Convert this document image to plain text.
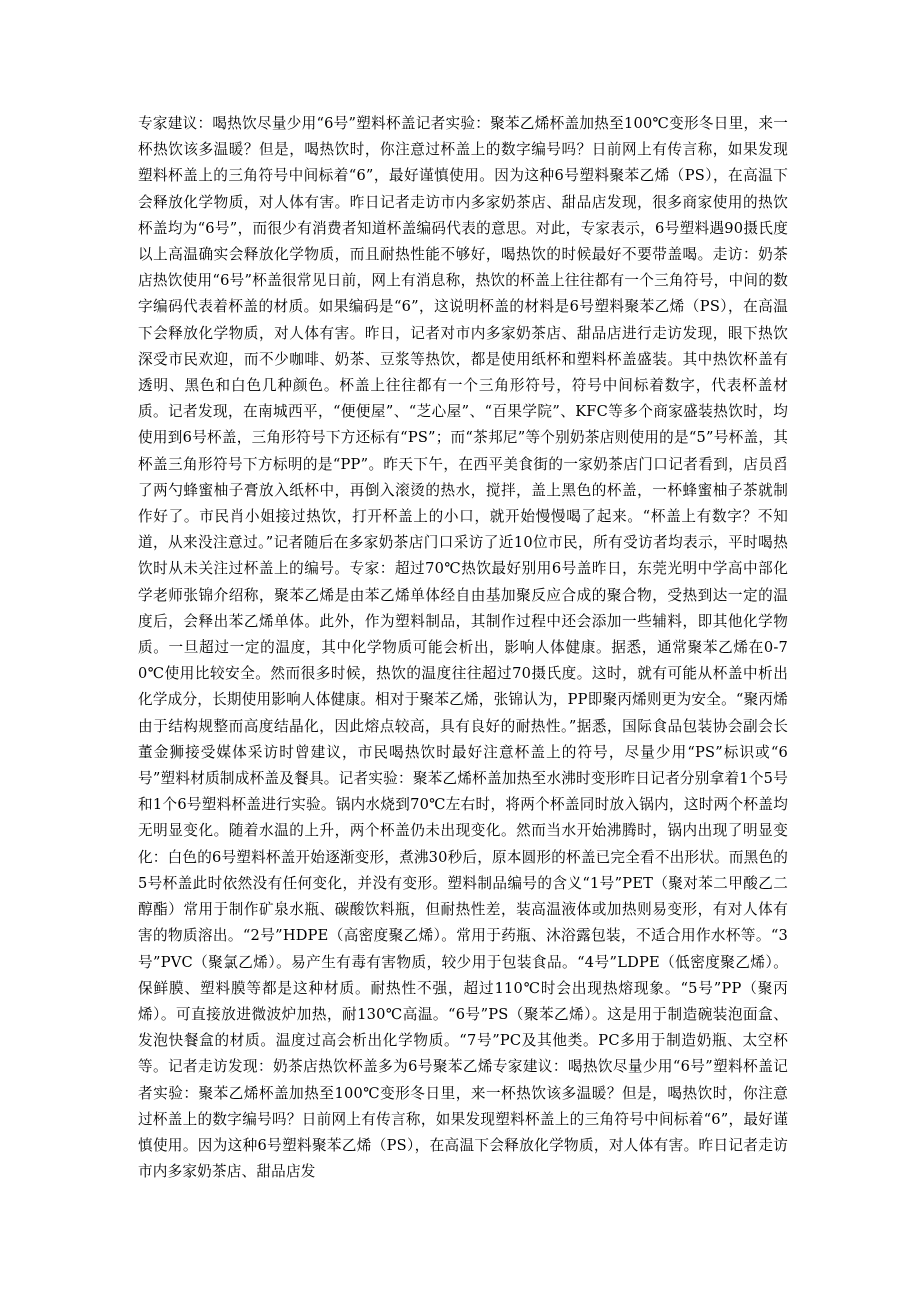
专家建议：喝热饮尽量少用“6号”塑料杯盖记者实验：聚苯乙烯杯盖加热至100℃变形冬日里，来一杯热饮该多温暖？但是，喝热饮时，你注意过杯盖上的数字编号吗？日前网上有传言称，如果发现塑料杯盖上的三角符号中间标着“6”，最好谨慎使用。因为这种6号塑料聚苯乙烯（PS），在高温下会释放化学物质，对人体有害。昨日记者走访市内多家奶茶店、甜品店发现，很多商家使用的热饮杯盖均为“6号”，而很少有消费者知道杯盖编码代表的意思。对此，专家表示，6号塑料遇90摄氏度以上高温确实会释放化学物质，而且耐热性能不够好，喝热饮的时候最好不要带盖喝。走访：奶茶店热饮使用“6号”杯盖很常见日前，网上有消息称，热饮的杯盖上往往都有一个三角符号，中间的数字编码代表着杯盖的材质。如果编码是“6”，这说明杯盖的材料是6号塑料聚苯乙烯（PS），在高温下会释放化学物质，对人体有害。昨日，记者对市内多家奶茶店、甜品店进行走访发现，眼下热饮深受市民欢迎，而不少咖啡、奶茶、豆浆等热饮，都是使用纸杯和塑料杯盖盛装。其中热饮杯盖有透明、黑色和白色几种颜色。杯盖上往往都有一个三角形符号，符号中间标着数字，代表杯盖材质。记者发现，在南城西平，“便便屋”、“芝心屋”、“百果学院”、KFC等多个商家盛装热饮时，均使用到6号杯盖，三角形符号下方还标有“PS”；而“茶邦尼”等个别奶茶店则使用的是“5”号杯盖，其杯盖三角形符号下方标明的是“PP”。昨天下午，在西平美食街的一家奶茶店门口记者看到，店员舀了两勺蜂蜜柚子膏放入纸杯中，再倒入滚烫的热水，搅拌，盖上黑色的杯盖，一杯蜂蜜柚子茶就制作好了。市民肖小姐接过热饮，打开杯盖上的小口，就开始慢慢喝了起来。“杯盖上有数字？不知道，从来没注意过。”记者随后在多家奶茶店门口采访了近10位市民，所有受访者均表示，平时喝热饮时从未关注过杯盖上的编号。专家：超过70℃热饮最好别用6号盖昨日，东莞光明中学高中部化学老师张锦介绍称，聚苯乙烯是由苯乙烯单体经自由基加聚反应合成的聚合物，受热到达一定的温度后，会释出苯乙烯单体。此外，作为塑料制品，其制作过程中还会添加一些辅料，即其他化学物质。一旦超过一定的温度，其中化学物质可能会析出，影响人体健康。据悉，通常聚苯乙烯在0-70℃使用比较安全。然而很多时候，热饮的温度往往超过70摄氏度。这时，就有可能从杯盖中析出化学成分，长期使用影响人体健康。相对于聚苯乙烯，张锦认为，PP即聚丙烯则更为安全。“聚丙烯由于结构规整而高度结晶化，因此熔点较高，具有良好的耐热性。”据悉，国际食品包装协会副会长董金狮接受媒体采访时曾建议，市民喝热饮时最好注意杯盖上的符号，尽量少用“PS”标识或“6号”塑料材质制成杯盖及餐具。记者实验：聚苯乙烯杯盖加热至水沸时变形昨日记者分别拿着1个5号和1个6号塑料杯盖进行实验。锅内水烧到70℃左右时，将两个杯盖同时放入锅内，这时两个杯盖均无明显变化。随着水温的上升，两个杯盖仍未出现变化。然而当水开始沸腾时，锅内出现了明显变化：白色的6号塑料杯盖开始逐渐变形，煮沸30秒后，原本圆形的杯盖已完全看不出形状。而黑色的5号杯盖此时依然没有任何变化，并没有变形。塑料制品编号的含义“1号”PET（聚对苯二甲酸乙二醇酯）常用于制作矿泉水瓶、碳酸饮料瓶，但耐热性差，装高温液体或加热则易变形，有对人体有害的物质溶出。“2号”HDPE（高密度聚乙烯）。常用于药瓶、沐浴露包装，不适合用作水杯等。“3号”PVC（聚氯乙烯）。易产生有毒有害物质，较少用于包装食品。“4号”LDPE（低密度聚乙烯）。保鲜膜、塑料膜等都是这种材质。耐热性不强，超过110℃时会出现热熔现象。“5号”PP（聚丙烯）。可直接放进微波炉加热，耐130℃高温。“6号”PS（聚苯乙烯）。这是用于制造碗装泡面盒、发泡快餐盒的材质。温度过高会析出化学物质。“7号”PC及其他类。PC多用于制造奶瓶、太空杯等。记者走访发现：奶茶店热饮杯盖多为6号聚苯乙烯专家建议：喝热饮尽量少用“6号”塑料杯盖记者实验：聚苯乙烯杯盖加热至100℃变形冬日里，来一杯热饮该多温暖？但是，喝热饮时，你注意过杯盖上的数字编号吗？日前网上有传言称，如果发现塑料杯盖上的三角符号中间标着“6”，最好谨慎使用。因为这种6号塑料聚苯乙烯（PS），在高温下会释放化学物质，对人体有害。昨日记者走访市内多家奶茶店、甜品店发
